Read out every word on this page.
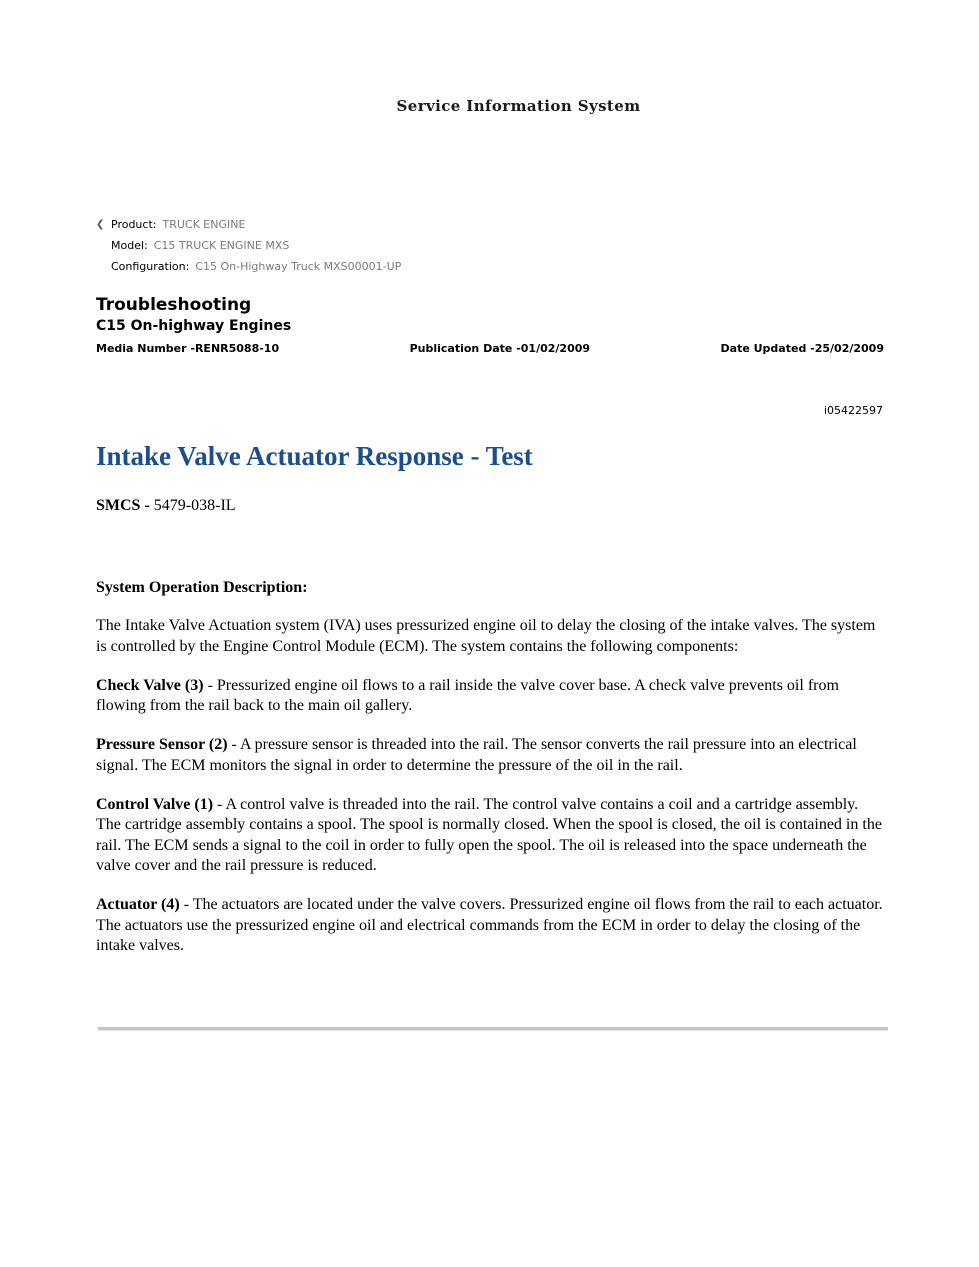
Service Information System
❮ Product: TRUCK ENGINE
Model: C15 TRUCK ENGINE MXS
Configuration: C15 On-Highway Truck MXS00001-UP
Troubleshooting
C15 On-highway Engines
Media Number -RENR5088-10	Publication Date -01/02/2009	Date Updated -25/02/2009
i05422597
Intake Valve Actuator Response - Test
SMCS - 5479-038-IL
System Operation Description:

The Intake Valve Actuation system (IVA) uses pressurized engine oil to delay the closing of the intake valves. The system is controlled by the Engine Control Module (ECM). The system contains the following components:

Check Valve (3) - Pressurized engine oil flows to a rail inside the valve cover base. A check valve prevents oil from flowing from the rail back to the main oil gallery.

Pressure Sensor (2) - A pressure sensor is threaded into the rail. The sensor converts the rail pressure into an electrical signal. The ECM monitors the signal in order to determine the pressure of the oil in the rail.

Control Valve (1) - A control valve is threaded into the rail. The control valve contains a coil and a cartridge assembly. The cartridge assembly contains a spool. The spool is normally closed. When the spool is closed, the oil is contained in the rail. The ECM sends a signal to the coil in order to fully open the spool. The oil is released into the space underneath the valve cover and the rail pressure is reduced.

Actuator (4) - The actuators are located under the valve covers. Pressurized engine oil flows from the rail to each actuator. The actuators use the pressurized engine oil and electrical commands from the ECM in order to delay the closing of the intake valves.
